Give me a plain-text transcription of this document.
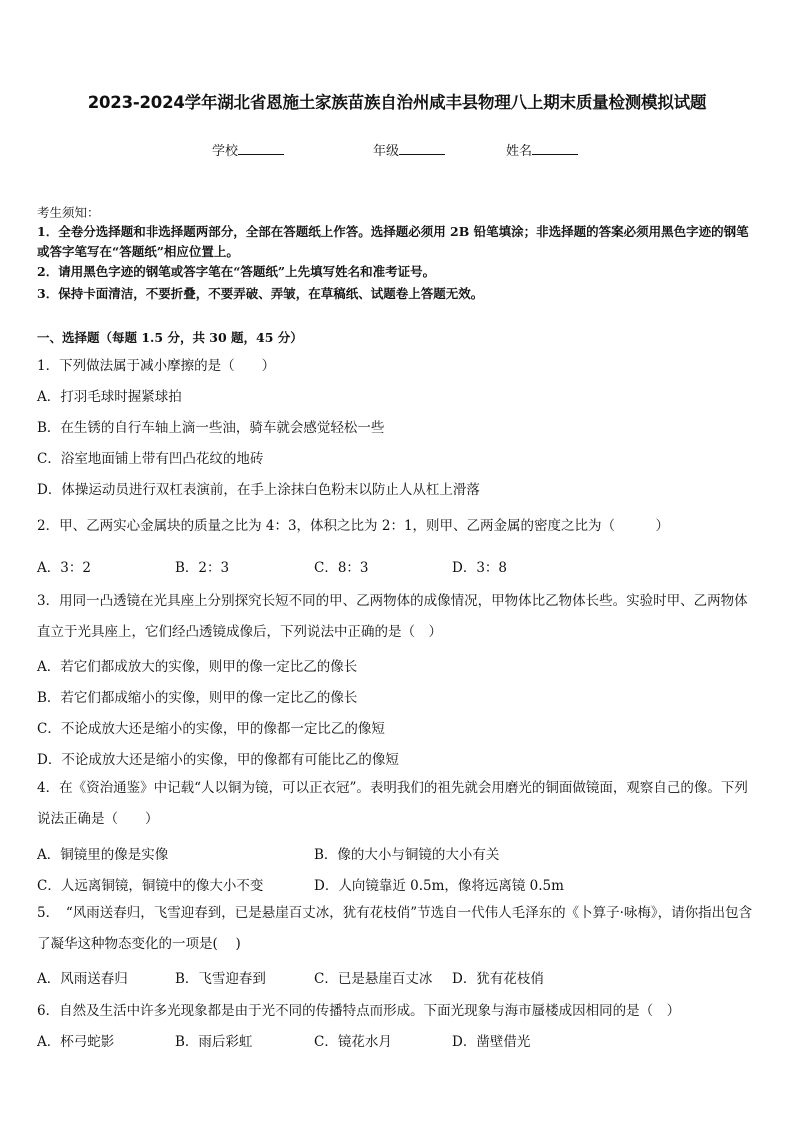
2023-2024学年湖北省恩施土家族苗族自治州咸丰县物理八上期末质量检测模拟试题
学校	年级	姓名
考生须知：
1．全卷分选择题和非选择题两部分，全部在答题纸上作答。选择题必须用 2B 铅笔填涂；非选择题的答案必须用黑色字迹的钢笔或答字笔写在“答题纸”相应位置上。
2．请用黑色字迹的钢笔或答字笔在“答题纸”上先填写姓名和准考证号。
3．保持卡面清洁，不要折叠，不要弄破、弄皱，在草稿纸、试题卷上答题无效。
一、选择题（每题 1.5 分，共 30 题，45 分）
1．下列做法属于减小摩擦的是（　　）
A．打羽毛球时握紧球拍
B．在生锈的自行车轴上滴一些油，骑车就会感觉轻松一些
C．浴室地面铺上带有凹凸花纹的地砖
D．体操运动员进行双杠表演前，在手上涂抹白色粉末以防止人从杠上滑落
2．甲、乙两实心金属块的质量之比为 4：3，体积之比为 2：1，则甲、乙两金属的密度之比为（　　　）
A．3：2	B．2：3	C．8：3	D．3：8
3．用同一凸透镜在光具座上分别探究长短不同的甲、乙两物体的成像情况，甲物体比乙物体长些。实验时甲、乙两物体直立于光具座上，它们经凸透镜成像后，下列说法中正确的是（　）
A．若它们都成放大的实像，则甲的像一定比乙的像长
B．若它们都成缩小的实像，则甲的像一定比乙的像长
C．不论成放大还是缩小的实像，甲的像都一定比乙的像短
D．不论成放大还是缩小的实像，甲的像都有可能比乙的像短
4．在《资治通鉴》中记载“人以铜为镜，可以正衣冠”。表明我们的祖先就会用磨光的铜面做镜面，观察自己的像。下列说法正确是（　　）
A．铜镜里的像是实像	B．像的大小与铜镜的大小有关
C．人远离铜镜，铜镜中的像大小不变	D．人向镜靠近 0.5m，像将远离镜 0.5m
5．　“风雨送春归，飞雪迎春到，已是悬崖百丈冰，犹有花枝俏”节选自一代伟人毛泽东的《卜算子·咏梅》，请你指出包含了凝华这种物态变化的一项是(　 )
A．风雨送春归	B．飞雪迎春到	C．已是悬崖百丈冰 D．犹有花枝俏
6．自然及生活中许多光现象都是由于光不同的传播特点而形成。下面光现象与海市蜃楼成因相同的是（　）
A．杯弓蛇影	B．雨后彩虹	C．镜花水月	D．凿壁借光
